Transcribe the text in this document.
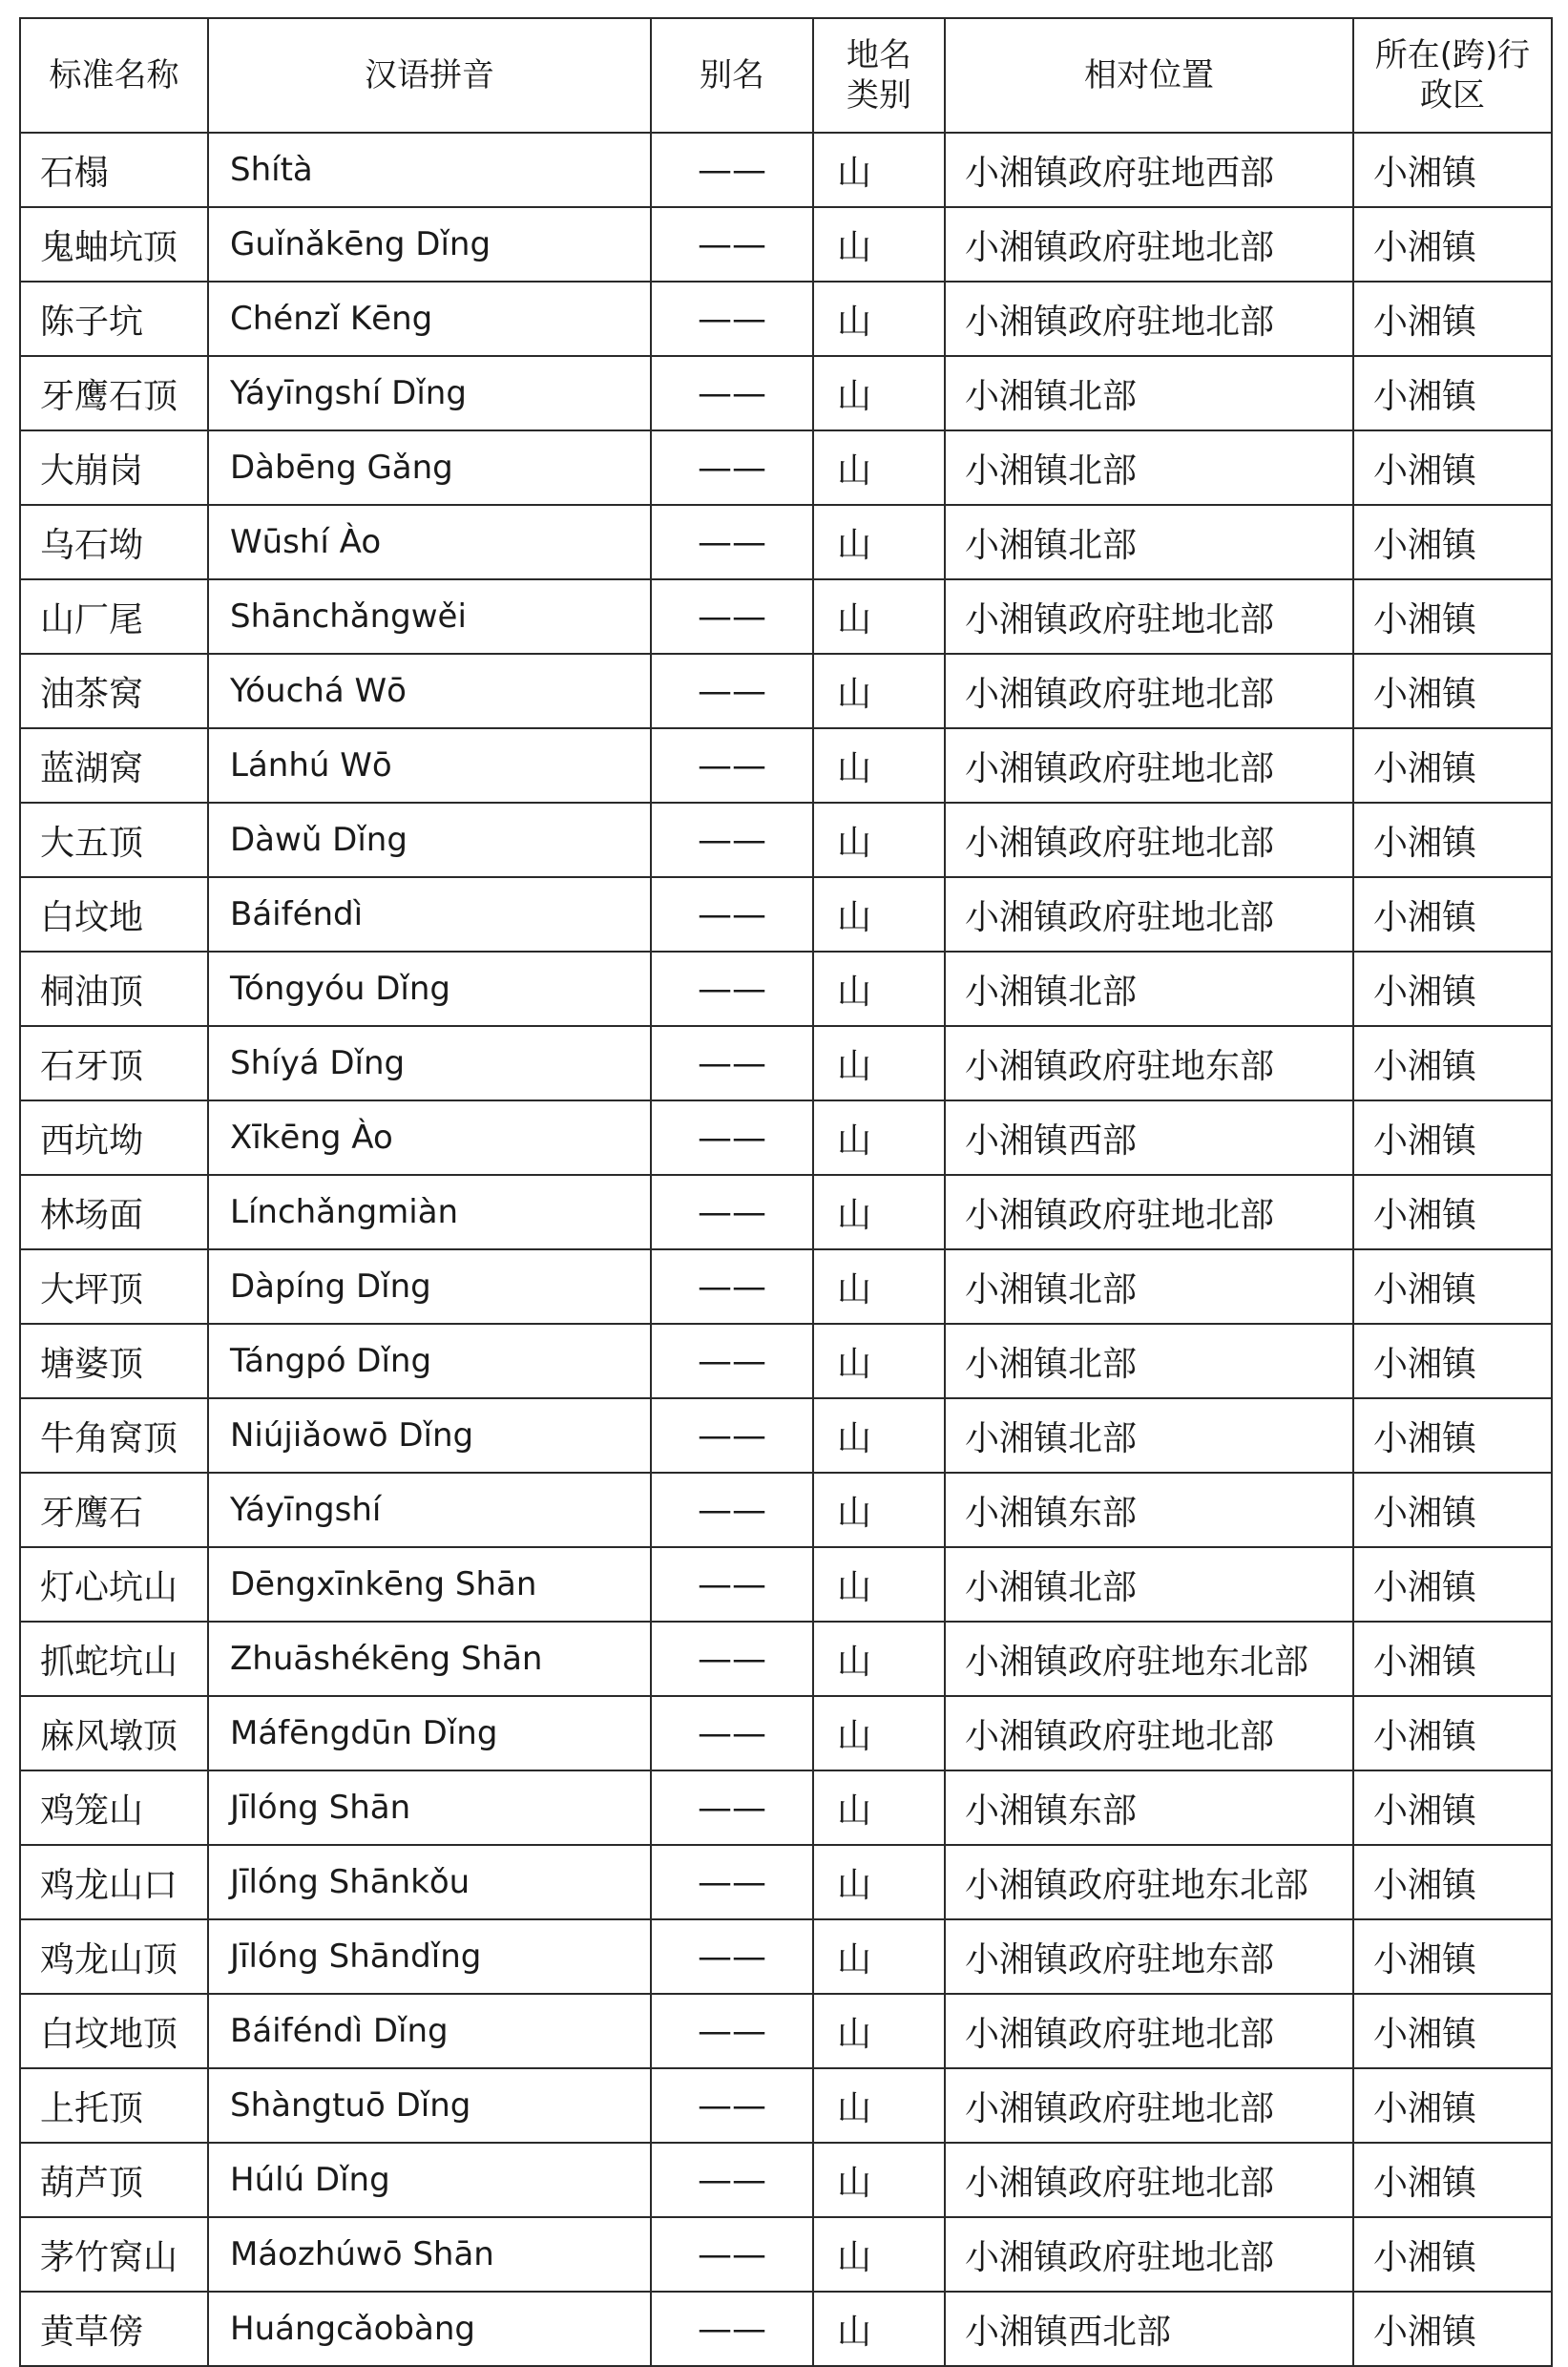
标准名称	汉语拼音	别名	地名类别	相对位置	所在(跨)行政区
石榻	Shítà	——	山	小湘镇政府驻地西部	小湘镇
鬼蚰坑顶	Guǐnǎkēng Dǐng	——	山	小湘镇政府驻地北部	小湘镇
陈子坑	Chénzǐ Kēng	——	山	小湘镇政府驻地北部	小湘镇
牙鹰石顶	Yáyīngshí Dǐng	——	山	小湘镇北部	小湘镇
大崩岗	Dàbēng Gǎng	——	山	小湘镇北部	小湘镇
乌石坳	Wūshí Ào	——	山	小湘镇北部	小湘镇
山厂尾	Shānchǎngwěi	——	山	小湘镇政府驻地北部	小湘镇
油茶窝	Yóuchá Wō	——	山	小湘镇政府驻地北部	小湘镇
蓝湖窝	Lánhú Wō	——	山	小湘镇政府驻地北部	小湘镇
大五顶	Dàwǔ Dǐng	——	山	小湘镇政府驻地北部	小湘镇
白坟地	Báiféndì	——	山	小湘镇政府驻地北部	小湘镇
桐油顶	Tóngyóu Dǐng	——	山	小湘镇北部	小湘镇
石牙顶	Shíyá Dǐng	——	山	小湘镇政府驻地东部	小湘镇
西坑坳	Xīkēng Ào	——	山	小湘镇西部	小湘镇
林场面	Línchǎngmiàn	——	山	小湘镇政府驻地北部	小湘镇
大坪顶	Dàpíng Dǐng	——	山	小湘镇北部	小湘镇
塘婆顶	Tángpó Dǐng	——	山	小湘镇北部	小湘镇
牛角窝顶	Niújiǎowō Dǐng	——	山	小湘镇北部	小湘镇
牙鹰石	Yáyīngshí	——	山	小湘镇东部	小湘镇
灯心坑山	Dēngxīnkēng Shān	——	山	小湘镇北部	小湘镇
抓蛇坑山	Zhuāshékēng Shān	——	山	小湘镇政府驻地东北部	小湘镇
麻风墩顶	Máfēngdūn Dǐng	——	山	小湘镇政府驻地北部	小湘镇
鸡笼山	Jīlóng Shān	——	山	小湘镇东部	小湘镇
鸡龙山口	Jīlóng Shānkǒu	——	山	小湘镇政府驻地东北部	小湘镇
鸡龙山顶	Jīlóng Shāndǐng	——	山	小湘镇政府驻地东部	小湘镇
白坟地顶	Báiféndì Dǐng	——	山	小湘镇政府驻地北部	小湘镇
上托顶	Shàngtuō Dǐng	——	山	小湘镇政府驻地北部	小湘镇
葫芦顶	Húlú Dǐng	——	山	小湘镇政府驻地北部	小湘镇
茅竹窝山	Máozhúwō Shān	——	山	小湘镇政府驻地北部	小湘镇
黄草傍	Huángcǎobàng	——	山	小湘镇西北部	小湘镇
